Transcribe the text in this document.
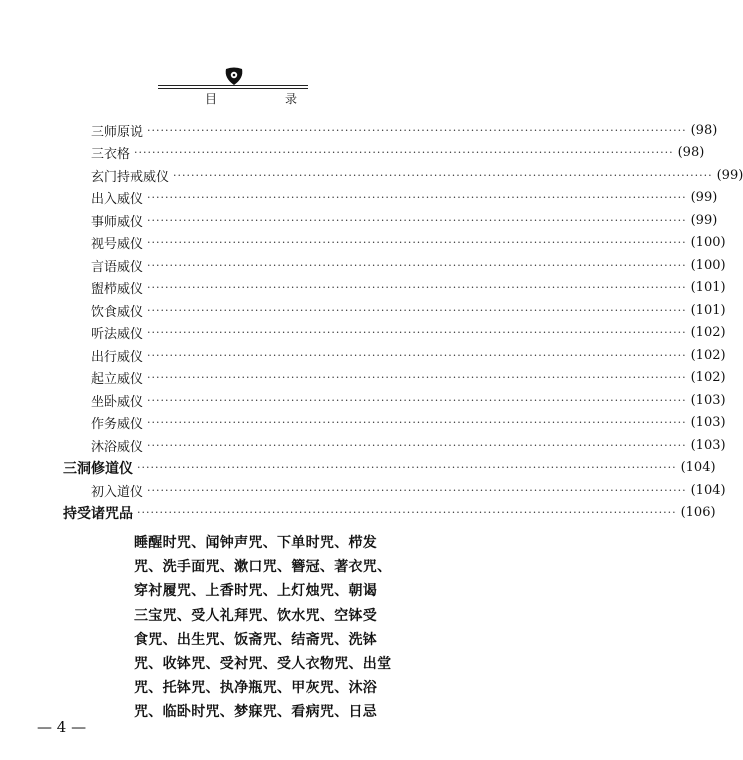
目　录
三师原说 ························································································································ (98)
三衣格 ························································································································ (98)
玄门持戒威仪 ························································································································ (99)
出入威仪 ························································································································ (99)
事师威仪 ························································································································ (99)
视号威仪 ························································································································ (100)
言语威仪 ························································································································ (100)
盥栉威仪 ························································································································ (101)
饮食威仪 ························································································································ (101)
听法威仪 ························································································································ (102)
出行威仪 ························································································································ (102)
起立威仪 ························································································································ (102)
坐卧威仪 ························································································································ (103)
作务威仪 ························································································································ (103)
沐浴威仪 ························································································································ (103)
三洞修道仪 ························································································································ (104)
初入道仪 ························································································································ (104)
持受诸咒品 ························································································································ (106)
睡醒时咒、闻钟声咒、下单时咒、栉发
咒、洗手面咒、漱口咒、簪冠、著衣咒、
穿衬履咒、上香时咒、上灯烛咒、朝谒
三宝咒、受人礼拜咒、饮水咒、空钵受
食咒、出生咒、饭斋咒、结斋咒、洗钵
咒、收钵咒、受衬咒、受人衣物咒、出堂
咒、托钵咒、执净瓶咒、甲灰咒、沐浴
咒、临卧时咒、梦寐咒、看病咒、日忌
— 4 —
